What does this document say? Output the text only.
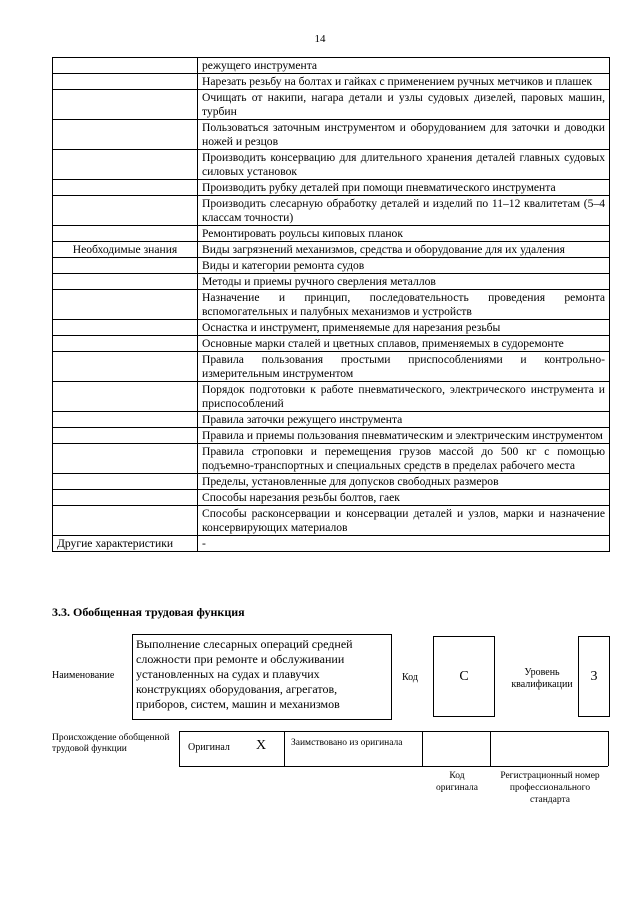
14
	режущего инструмента

	Нарезать резьбу на болтах и гайках с применением ручных метчиков и плашек

	Очищать от накипи, нагара детали и узлы судовых дизелей, паровых машин, турбин

	Пользоваться заточным инструментом и оборудованием для заточки и доводки ножей и резцов

	Производить консервацию для длительного хранения деталей главных судовых силовых установок

	Производить рубку деталей при помощи пневматического инструмента

	Производить слесарную обработку деталей и изделий по 11–12 квалитетам (5–4 классам точности)

	Ремонтировать роульсы киповых планок

Необходимые знания	Виды загрязнений механизмов, средства и оборудование для их удаления

	Виды и категории ремонта судов

	Методы и приемы ручного сверления металлов

	Назначение и принцип, последовательность проведения ремонта вспомогательных и палубных механизмов и устройств

	Оснастка и инструмент, применяемые для нарезания резьбы

	Основные марки сталей и цветных сплавов, применяемых в судоремонте

	Правила пользования простыми приспособлениями и контрольно-измерительным инструментом

	Порядок подготовки к работе пневматического, электрического инструмента и приспособлений

	Правила заточки режущего инструмента

	Правила и приемы пользования пневматическим и электрическим инструментом

	Правила строповки и перемещения грузов массой до 500 кг с помощью подъемно-транспортных и специальных средств в пределах рабочего места

	Пределы, установленные для допусков свободных размеров

	Способы нарезания резьбы болтов, гаек

	Способы расконсервации и консервации деталей и узлов, марки и назначение консервирующих материалов

Другие характеристики	-
3.3. Обобщенная трудовая функция
Наименование
Выполнение слесарных операций средней сложности при ремонте и обслуживании установленных на судах и плавучих конструкциях оборудования, агрегатов, приборов, систем, машин и механизмов
Код	C	Уровень квалификации
3
Происхождение обобщенной трудовой функции	Оригинал X	Заимствовано из оригинала
Код оригинала
Регистрационный номер профессионального стандарта
